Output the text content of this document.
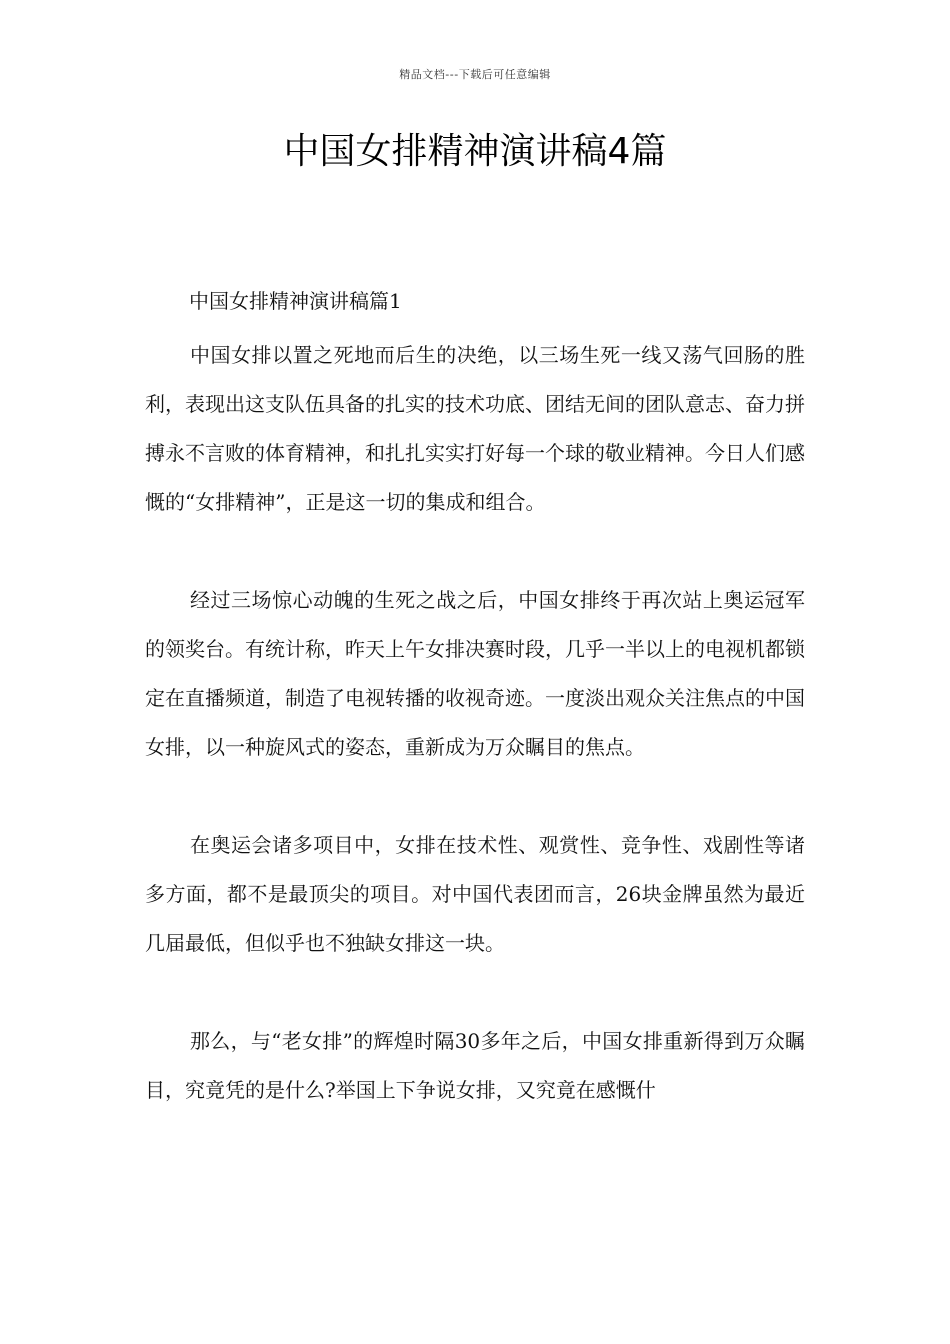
精品文档---下载后可任意编辑
中国女排精神演讲稿4篇
中国女排精神演讲稿篇1

中国女排以置之死地而后生的决绝，以三场生死一线又荡气回肠的胜利，表现出这支队伍具备的扎实的技术功底、团结无间的团队意志、奋力拼搏永不言败的体育精神，和扎扎实实打好每一个球的敬业精神。今日人们感慨的“女排精神”，正是这一切的集成和组合。

经过三场惊心动魄的生死之战之后，中国女排终于再次站上奥运冠军的领奖台。有统计称，昨天上午女排决赛时段，几乎一半以上的电视机都锁定在直播频道，制造了电视转播的收视奇迹。一度淡出观众关注焦点的中国女排，以一种旋风式的姿态，重新成为万众瞩目的焦点。

在奥运会诸多项目中，女排在技术性、观赏性、竞争性、戏剧性等诸多方面，都不是最顶尖的项目。对中国代表团而言，26块金牌虽然为最近几届最低，但似乎也不独缺女排这一块。

那么，与“老女排”的辉煌时隔30多年之后，中国女排重新得到万众瞩目，究竟凭的是什么?举国上下争说女排，又究竟在感慨什
